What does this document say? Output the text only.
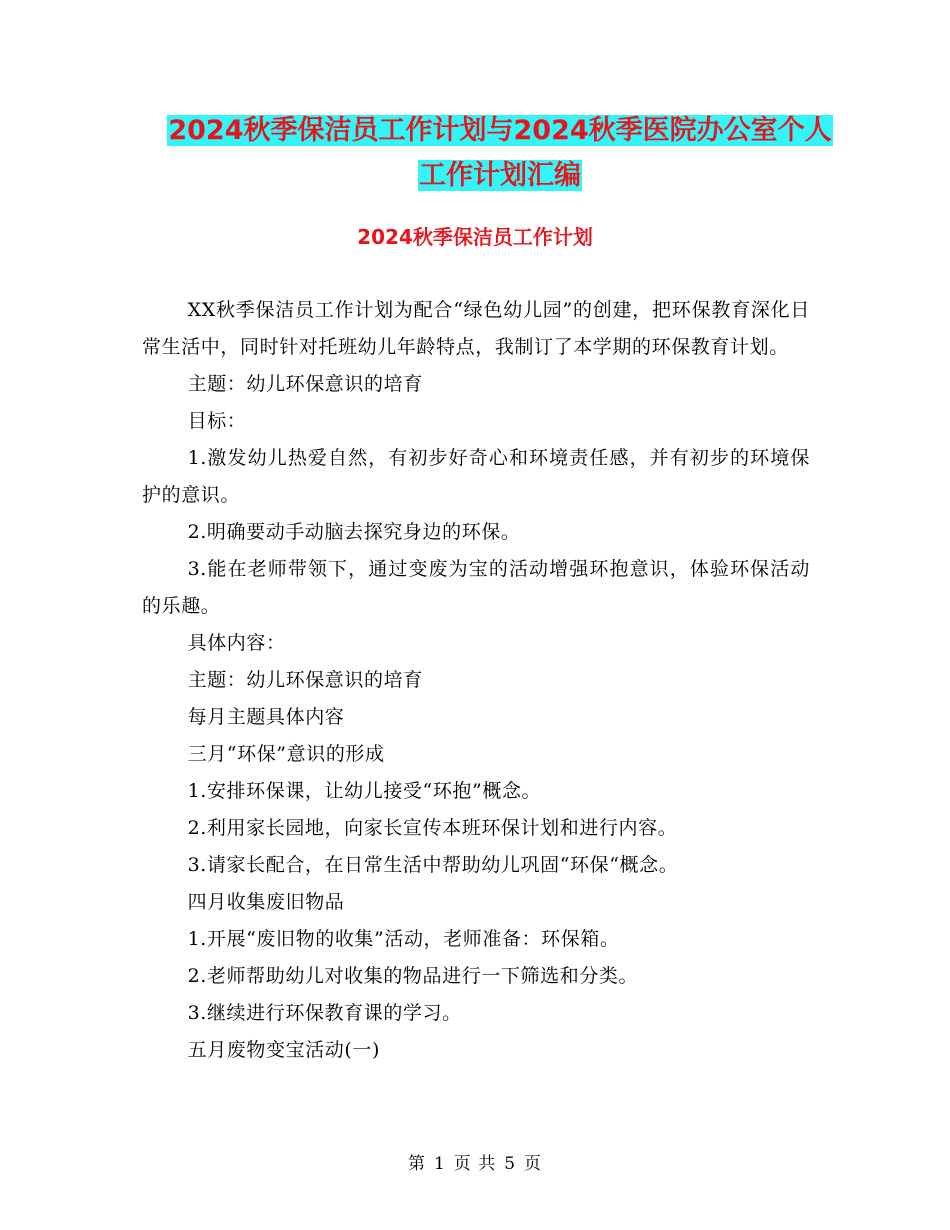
2024秋季保洁员工作计划与2024秋季医院办公室个人
工作计划汇编
2024秋季保洁员工作计划

XX秋季保洁员工作计划为配合“绿色幼儿园”的创建，把环保教育深化日常生活中，同时针对托班幼儿年龄特点，我制订了本学期的环保教育计划。

主题：幼儿环保意识的培育

目标：

1.激发幼儿热爱自然，有初步好奇心和环境责任感，并有初步的环境保护的意识。

2.明确要动手动脑去探究身边的环保。

3.能在老师带领下，通过变废为宝的活动增强环抱意识，体验环保活动的乐趣。

具体内容：

主题：幼儿环保意识的培育

每月主题具体内容

三月“环保”意识的形成

1.安排环保课，让幼儿接受“环抱”概念。

2.利用家长园地，向家长宣传本班环保计划和进行内容。

3.请家长配合，在日常生活中帮助幼儿巩固“环保“概念。

四月收集废旧物品

1.开展“废旧物的收集”活动，老师准备：环保箱。

2.老师帮助幼儿对收集的物品进行一下筛选和分类。

3.继续进行环保教育课的学习。

五月废物变宝活动(一)

第 1 页 共 5 页
